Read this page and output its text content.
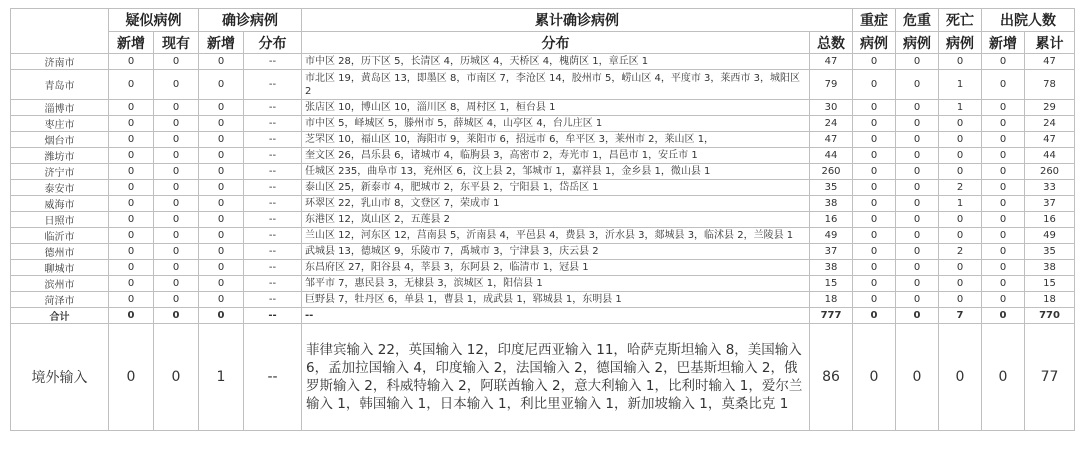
	疑似病例		确诊病例		累计确诊病例		重症	危重	死亡	出院人数	
	新增	现有	新增	分布	分布	总数	病例	病例	病例	新增	累计
济南市	0	0	0	--	市中区 28，历下区 5，长清区 4，历城区 4，天桥区 4，槐荫区 1，章丘区 1	47	0	0	0	0	47
青岛市	0	0	0	--	市北区 19，黄岛区 13，即墨区 8，市南区 7，李沧区 14，胶州市 5，崂山区 4，平度市 3，莱西市 3，城阳区 2	79	0	0	1	0	78
淄博市	0	0	0	--	张店区 10，博山区 10，淄川区 8，周村区 1，桓台县 1	30	0	0	1	0	29
枣庄市	0	0	0	--	市中区 5，峄城区 5，滕州市 5，薛城区 4，山亭区 4，台儿庄区 1	24	0	0	0	0	24
烟台市	0	0	0	--	芝罘区 10，福山区 10，海阳市 9，莱阳市 6，招远市 6，牟平区 3，莱州市 2，莱山区 1，	47	0	0	0	0	47
潍坊市	0	0	0	--	奎文区 26，昌乐县 6，诸城市 4，临朐县 3，高密市 2，寿光市 1，昌邑市 1，安丘市 1	44	0	0	0	0	44
济宁市	0	0	0	--	任城区 235，曲阜市 13，兖州区 6，汶上县 2，邹城市 1，嘉祥县 1，金乡县 1，微山县 1	260	0	0	0	0	260
泰安市	0	0	0	--	泰山区 25，新泰市 4，肥城市 2，东平县 2，宁阳县 1，岱岳区 1	35	0	0	2	0	33
威海市	0	0	0	--	环翠区 22，乳山市 8，文登区 7，荣成市 1	38	0	0	1	0	37
日照市	0	0	0	--	东港区 12，岚山区 2，五莲县 2	16	0	0	0	0	16
临沂市	0	0	0	--	兰山区 12，河东区 12，莒南县 5，沂南县 4，平邑县 4，费县 3，沂水县 3，郯城县 3，临沭县 2，兰陵县 1	49	0	0	0	0	49
德州市	0	0	0	--	武城县 13，德城区 9，乐陵市 7，禹城市 3，宁津县 3，庆云县 2	37	0	0	2	0	35
聊城市	0	0	0	--	东昌府区 27，阳谷县 4，莘县 3，东阿县 2，临清市 1，冠县 1	38	0	0	0	0	38
滨州市	0	0	0	--	邹平市 7，惠民县 3，无棣县 3，滨城区 1，阳信县 1	15	0	0	0	0	15
菏泽市	0	0	0	--	巨野县 7，牡丹区 6，单县 1，曹县 1，成武县 1，郓城县 1，东明县 1	18	0	0	0	0	18
合计	0	0	0	--	--	777	0	0	7	0	770
境外输入	0	0	1	--	菲律宾输入 22，英国输入 12，印度尼西亚输入 11，哈萨克斯坦输入 8，美国输入 6，孟加拉国输入 4，印度输入 2，法国输入 2，德国输入 2，巴基斯坦输入 2，俄罗斯输入 2，科威特输入 2，阿联酋输入 2，意大利输入 1，比利时输入 1，爱尔兰输入 1，韩国输入 1，日本输入 1，利比里亚输入 1，新加坡输入 1，莫桑比克 1	86	0	0	0	0	77
